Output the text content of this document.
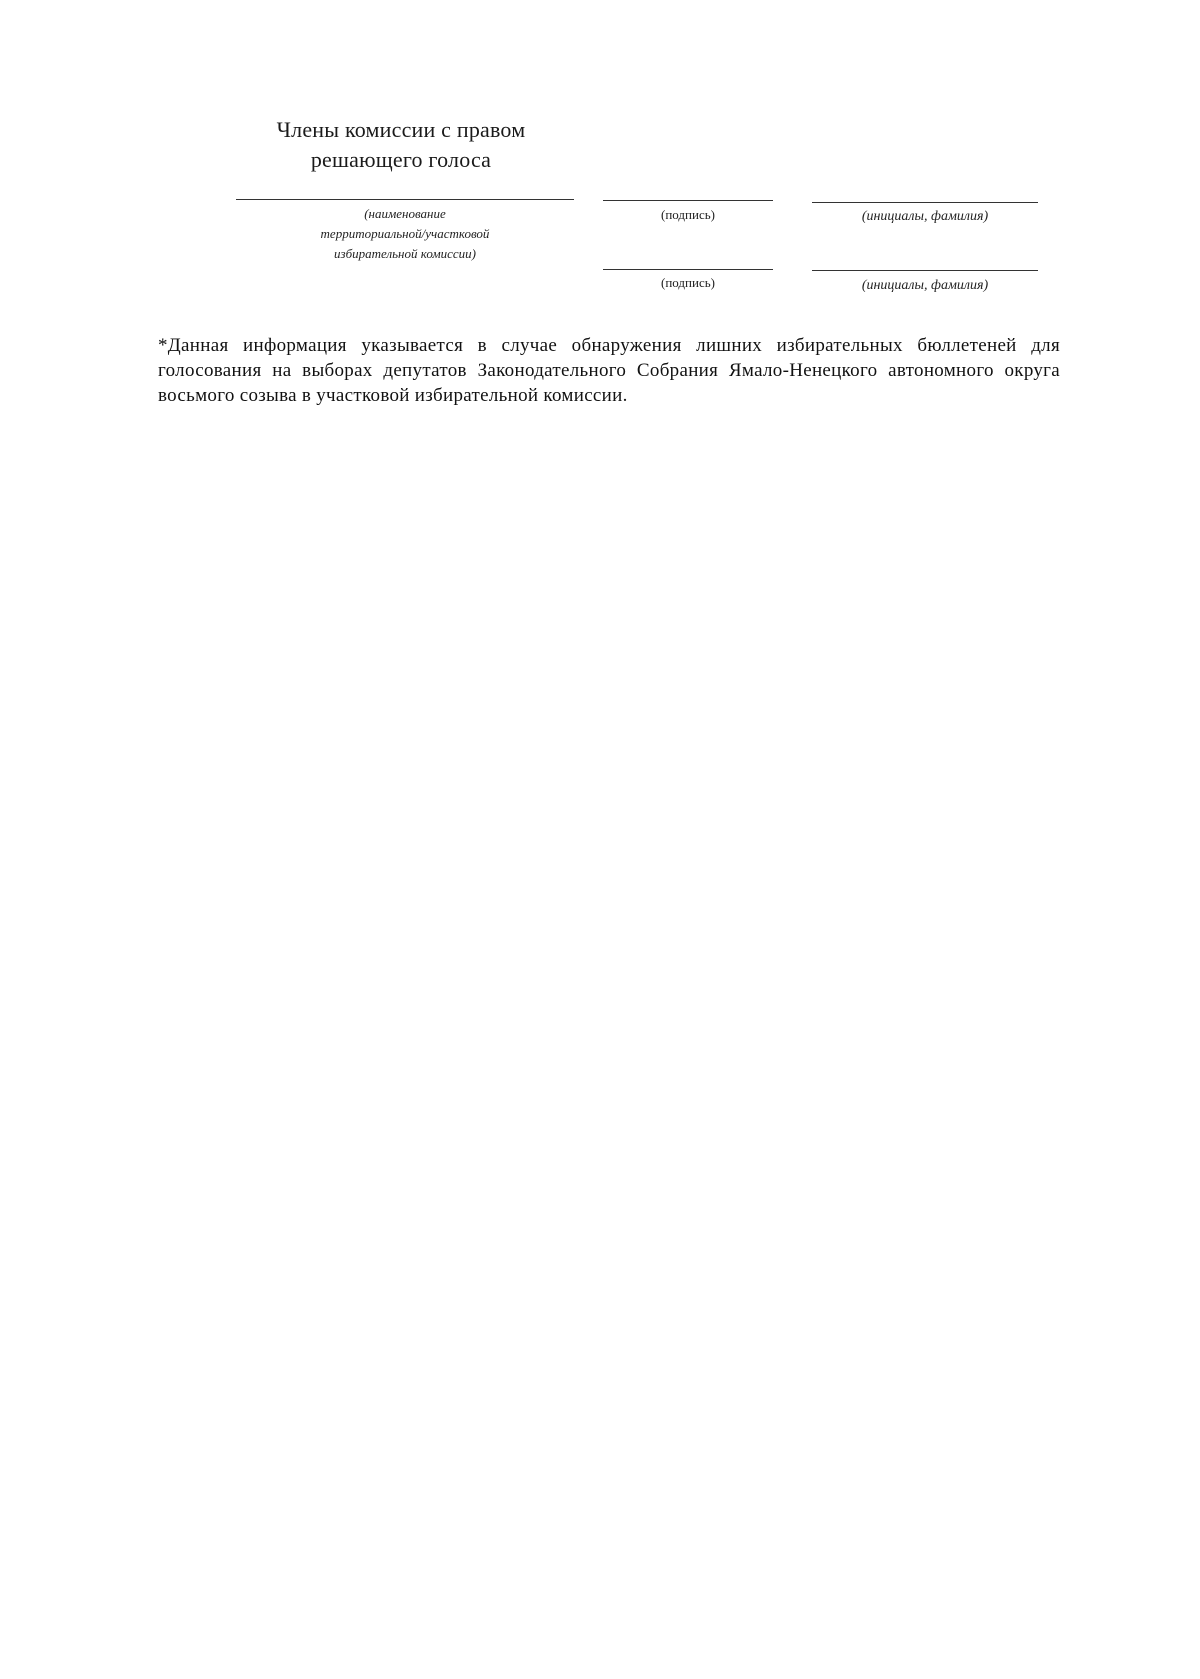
Члены комиссии с правом
решающего голоса
(наименование
территориальной/участковой
избирательной комиссии)
(подпись)	(инициалы, фамилия)
(подпись)	(инициалы, фамилия)
*Данная информация указывается в случае обнаружения лишних избирательных бюллетеней для голосования на выборах депутатов Законодательного Собрания Ямало-Ненецкого автономного округа восьмого созыва в участковой избирательной комиссии.
